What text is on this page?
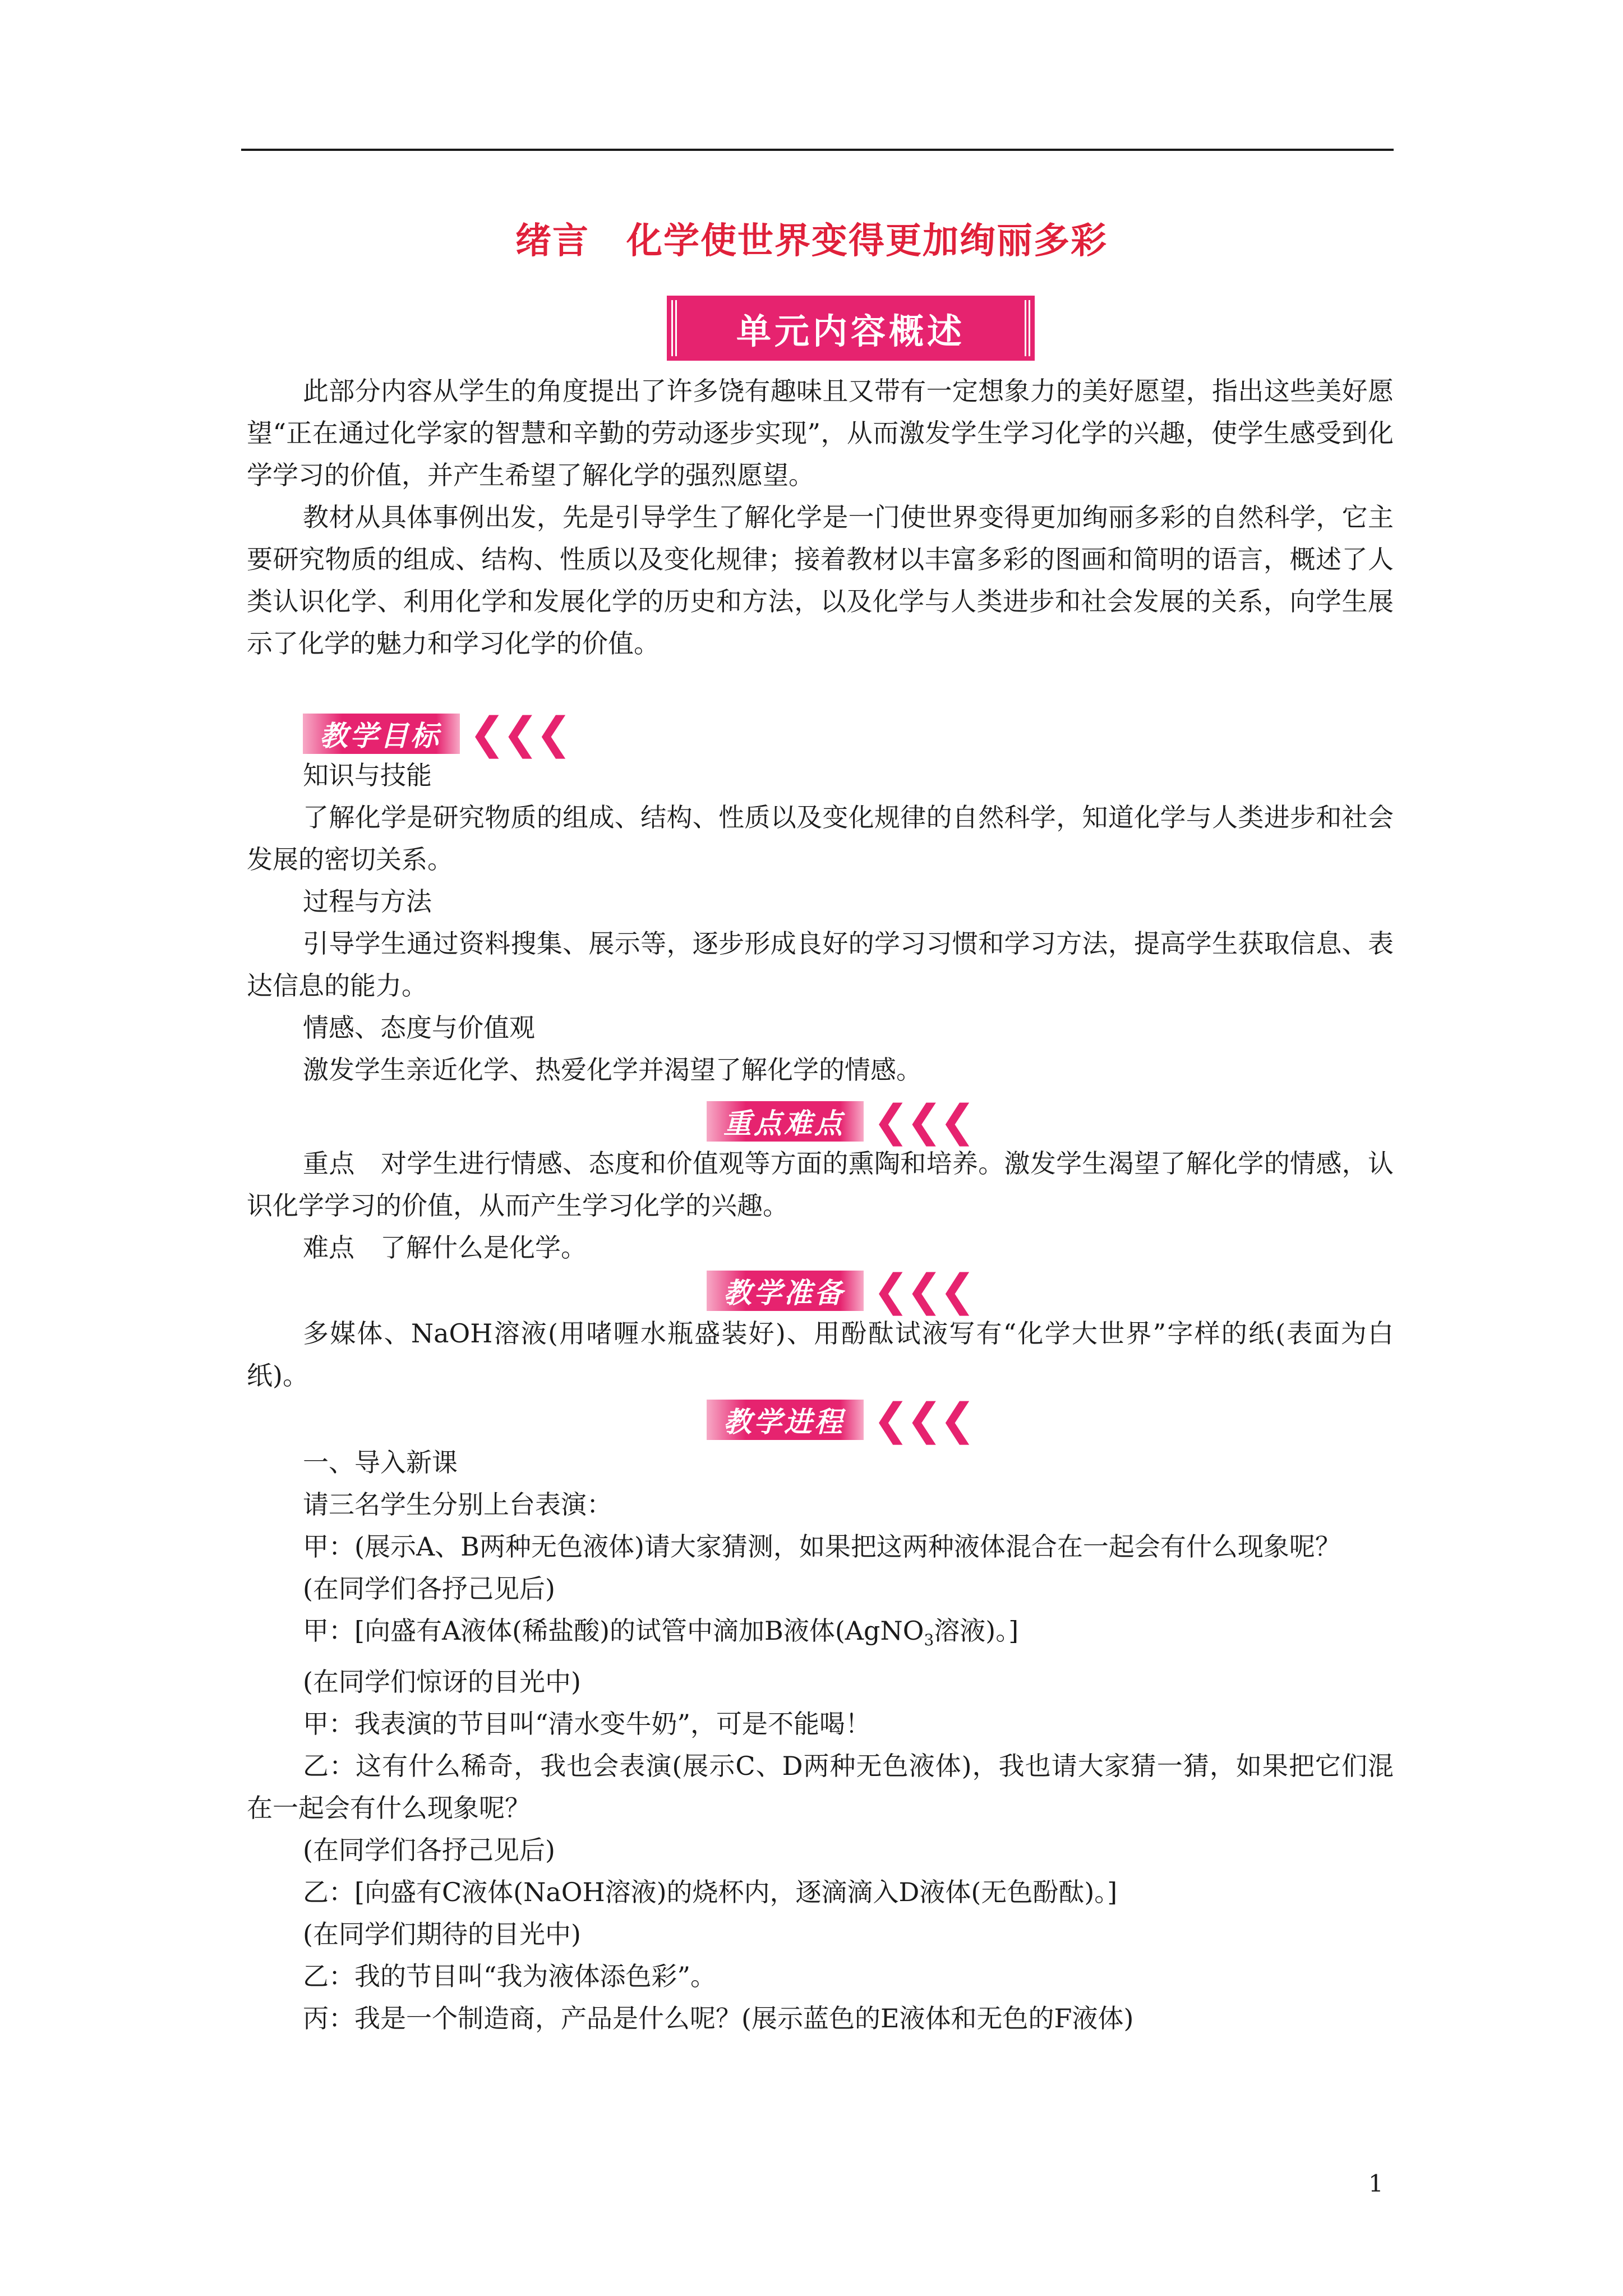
绪言　化学使世界变得更加绚丽多彩
单元内容概述

此部分内容从学生的角度提出了许多饶有趣味且又带有一定想象力的美好愿望，指出这些美好愿望“正在通过化学家的智慧和辛勤的劳动逐步实现”，从而激发学生学习化学的兴趣，使学生感受到化学学习的价值，并产生希望了解化学的强烈愿望。

教材从具体事例出发，先是引导学生了解化学是一门使世界变得更加绚丽多彩的自然科学，它主要研究物质的组成、结构、性质以及变化规律；接着教材以丰富多彩的图画和简明的语言，概述了人类认识化学、利用化学和发展化学的历史和方法，以及化学与人类进步和社会发展的关系，向学生展示了化学的魅力和学习化学的价值。

教学目标 ❮❮❮

知识与技能

了解化学是研究物质的组成、结构、性质以及变化规律的自然科学，知道化学与人类进步和社会发展的密切关系。

过程与方法

引导学生通过资料搜集、展示等，逐步形成良好的学习习惯和学习方法，提高学生获取信息、表达信息的能力。

情感、态度与价值观

激发学生亲近化学、热爱化学并渴望了解化学的情感。

重点难点 ❮❮❮

重点　对学生进行情感、态度和价值观等方面的熏陶和培养。激发学生渴望了解化学的情感，认识化学学习的价值，从而产生学习化学的兴趣。

难点　了解什么是化学。

教学准备 ❮❮❮

多媒体、NaOH溶液(用啫喱水瓶盛装好)、用酚酞试液写有“化学大世界”字样的纸(表面为白纸)。

教学进程 ❮❮❮

一、导入新课

请三名学生分别上台表演：

甲：(展示A、B两种无色液体)请大家猜测，如果把这两种液体混合在一起会有什么现象呢？

(在同学们各抒己见后)

甲：[向盛有A液体(稀盐酸)的试管中滴加B液体(AgNO$_3$溶液)。]

(在同学们惊讶的目光中)

甲：我表演的节目叫“清水变牛奶”，可是不能喝！

乙：这有什么稀奇，我也会表演(展示C、D两种无色液体)，我也请大家猜一猜，如果把它们混在一起会有什么现象呢？

(在同学们各抒己见后)

乙：[向盛有C液体(NaOH溶液)的烧杯内，逐滴滴入D液体(无色酚酞)。]

(在同学们期待的目光中)

乙：我的节目叫“我为液体添色彩”。

丙：我是一个制造商，产品是什么呢？(展示蓝色的E液体和无色的F液体)

1
